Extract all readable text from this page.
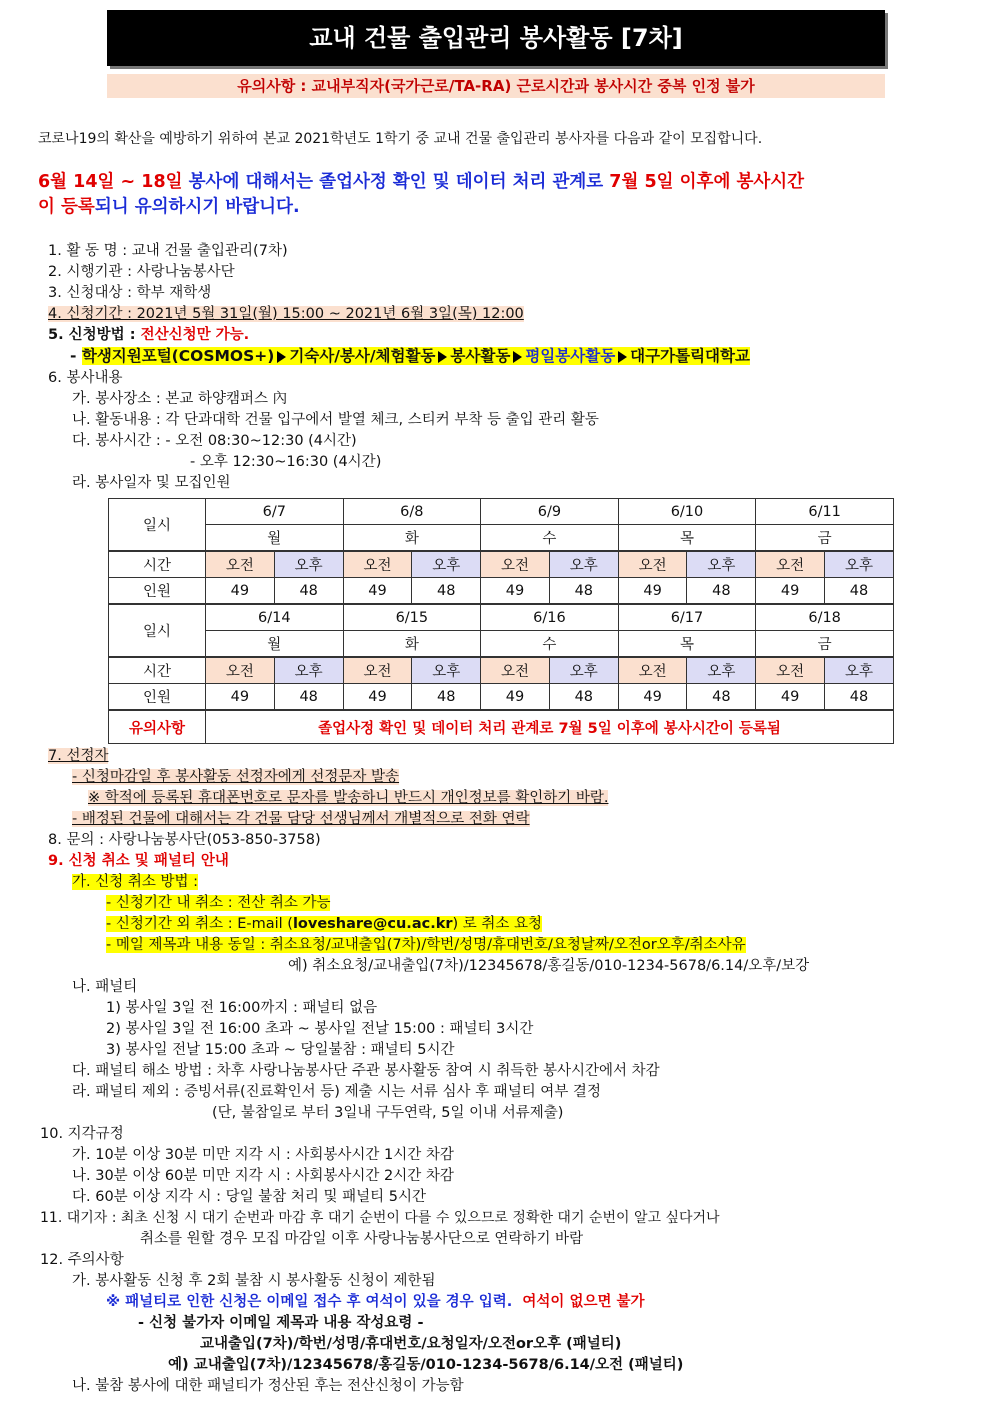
교내 건물 출입관리 봉사활동 [7차]
유의사항 : 교내부직자(국가근로/TA-RA) 근로시간과 봉사시간 중복 인정 불가
코로나19의 확산을 예방하기 위하여 본교 2021학년도 1학기 중 교내 건물 출입관리 봉사자를 다음과 같이 모집합니다.
6월 14일 ~ 18일 봉사에 대해서는 졸업사정 확인 및 데이터 처리 관계로 7월 5일 이후에 봉사시간
이 등록되니 유의하시기 바랍니다.
1. 활 동 명 : 교내 건물 출입관리(7차)
2. 시행기관 : 사랑나눔봉사단
3. 신청대상 : 학부 재학생
4. 신청기간 : 2021년 5월 31일(월) 15:00 ~ 2021년 6월 3일(목) 12:00
5. 신청방법 : 전산신청만 가능.
- 학생지원포털(COSMOS+) 기숙사/봉사/체험활동 봉사활동 평일봉사활동 대구가톨릭대학교
6. 봉사내용
가. 봉사장소 : 본교 하양캠퍼스 內
나. 활동내용 : 각 단과대학 건물 입구에서 발열 체크, 스티커 부착 등 출입 관리 활동
다. 봉사시간 : - 오전 08:30~12:30 (4시간)
- 오후 12:30~16:30 (4시간)
라. 봉사일자 및 모집인원
일시	6/7		6/8		6/9		6/10		6/11	
	월		화		수		목		금	
시간	오전	오후	오전	오후	오전	오후	오전	오후	오전	오후
인원	49	48	49	48	49	48	49	48	49	48
일시	6/14		6/15		6/16		6/17		6/18	
	월		화		수		목		금	
시간	오전	오후	오전	오후	오전	오후	오전	오후	오전	오후
인원	49	48	49	48	49	48	49	48	49	48
유의사항	졸업사정 확인 및 데이터 처리 관계로 7월 5일 이후에 봉사시간이 등록됨									
7. 선정자
- 신청마감일 후 봉사활동 선정자에게 선정문자 발송
※ 학적에 등록된 휴대폰번호로 문자를 발송하니 반드시 개인정보를 확인하기 바람.
- 배정된 건물에 대해서는 각 건물 담당 선생님께서 개별적으로 전화 연락
8. 문의 : 사랑나눔봉사단(053-850-3758)
9. 신청 취소 및 패널티 안내
가. 신청 취소 방법 :
- 신청기간 내 취소 : 전산 취소 가능
- 신청기간 외 취소 : E-mail (loveshare@cu.ac.kr) 로 취소 요청
- 메일 제목과 내용 동일 : 취소요청/교내출입(7차)/학번/성명/휴대번호/요청날짜/오전or오후/취소사유
예) 취소요청/교내출입(7차)/12345678/홍길동/010-1234-5678/6.14/오후/보강
나. 패널티
1) 봉사일 3일 전 16:00까지 : 패널티 없음
2) 봉사일 3일 전 16:00 초과 ~ 봉사일 전날 15:00 : 패널티 3시간
3) 봉사일 전날 15:00 초과 ~ 당일불참 : 패널티 5시간
다. 패널티 해소 방법 : 차후 사랑나눔봉사단 주관 봉사활동 참여 시 취득한 봉사시간에서 차감
라. 패널티 제외 : 증빙서류(진료확인서 등) 제출 시는 서류 심사 후 패널티 여부 결정
(단, 불참일로 부터 3일내 구두연락, 5일 이내 서류제출)
10. 지각규정
가. 10분 이상 30분 미만 지각 시 : 사회봉사시간 1시간 차감
나. 30분 이상 60분 미만 지각 시 : 사회봉사시간 2시간 차감
다. 60분 이상 지각 시 : 당일 불참 처리 및 패널티 5시간
11. 대기자 : 최초 신청 시 대기 순번과 마감 후 대기 순번이 다를 수 있으므로 정확한 대기 순번이 알고 싶다거나
취소를 원할 경우 모집 마감일 이후 사랑나눔봉사단으로 연락하기 바람
12. 주의사항
가. 봉사활동 신청 후 2회 불참 시 봉사활동 신청이 제한됨
※ 패널티로 인한 신청은 이메일 접수 후 여석이 있을 경우 입력. 여석이 없으면 불가
- 신청 불가자 이메일 제목과 내용 작성요령 -
교내출입(7차)/학번/성명/휴대번호/요청일자/오전or오후 (패널티)
예) 교내출입(7차)/12345678/홍길동/010-1234-5678/6.14/오전 (패널티)
나. 불참 봉사에 대한 패널티가 정산된 후는 전산신청이 가능함
